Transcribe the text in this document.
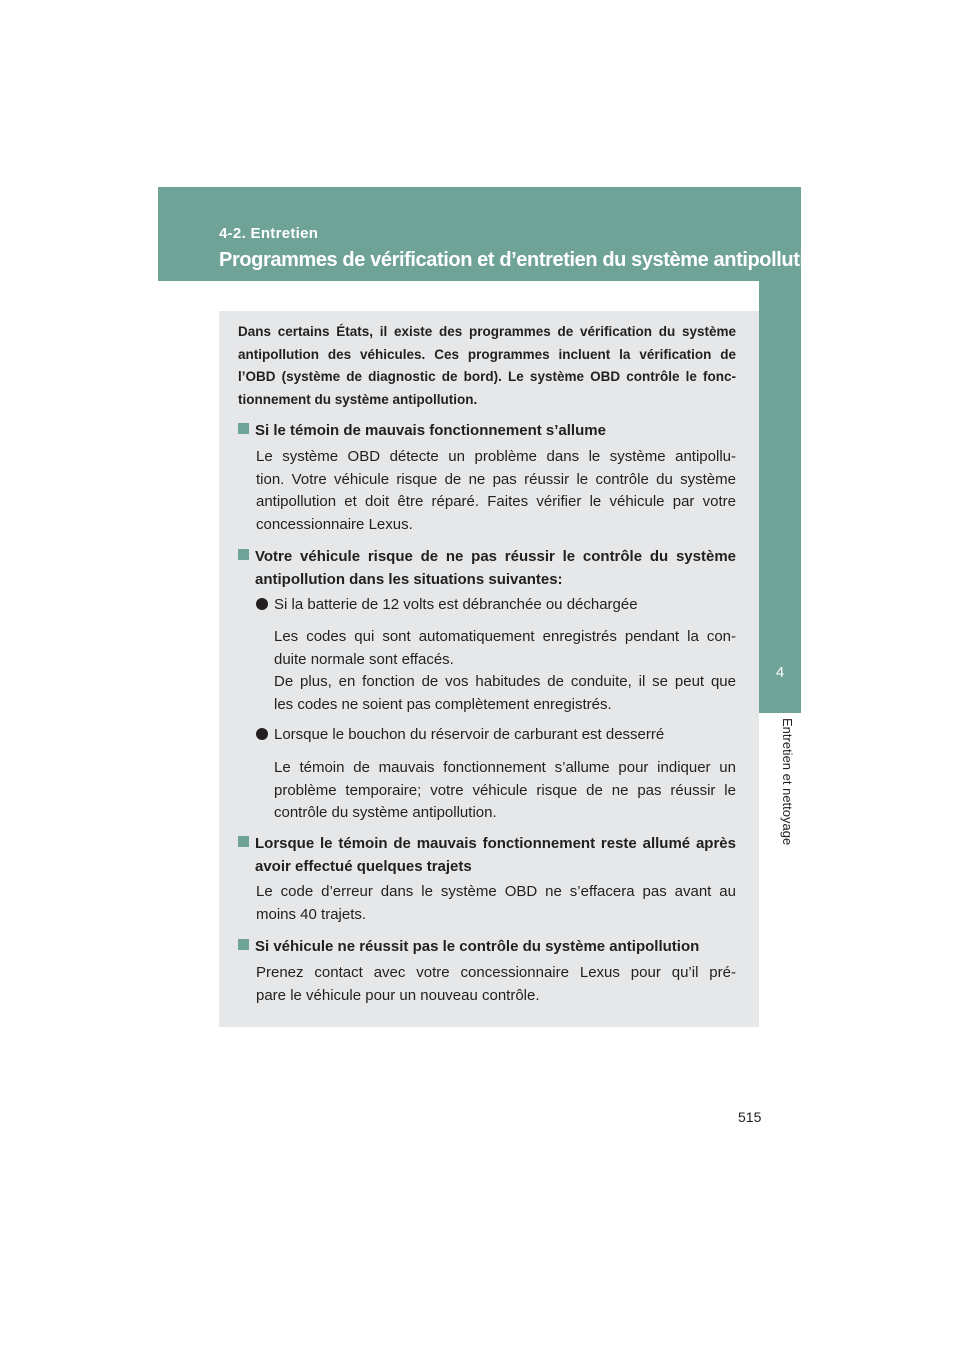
4-2. Entretien
Programmes de vérification et d’entretien du système antipollution
4
Entretien et nettoyage
Dans certains États, il existe des programmes de vérification du système
antipollution des véhicules. Ces programmes incluent la vérification de
l’OBD (système de diagnostic de bord). Le système OBD contrôle le fonc-
tionnement du système antipollution.
Si le témoin de mauvais fonctionnement s’allume
Le système OBD détecte un problème dans le système antipollu-
tion. Votre véhicule risque de ne pas réussir le contrôle du système
antipollution et doit être réparé. Faites vérifier le véhicule par votre
concessionnaire Lexus.
Votre véhicule risque de ne pas réussir le contrôle du système
antipollution dans les situations suivantes:
Si la batterie de 12 volts est débranchée ou déchargée
Les codes qui sont automatiquement enregistrés pendant la con-
duite normale sont effacés.
De plus, en fonction de vos habitudes de conduite, il se peut que
les codes ne soient pas complètement enregistrés.
Lorsque le bouchon du réservoir de carburant est desserré
Le témoin de mauvais fonctionnement s’allume pour indiquer un
problème temporaire; votre véhicule risque de ne pas réussir le
contrôle du système antipollution.
Lorsque le témoin de mauvais fonctionnement reste allumé après
avoir effectué quelques trajets
Le code d’erreur dans le système OBD ne s’effacera pas avant au
moins 40 trajets.
Si véhicule ne réussit pas le contrôle du système antipollution
Prenez contact avec votre concessionnaire Lexus pour qu’il pré-
pare le véhicule pour un nouveau contrôle.
515
